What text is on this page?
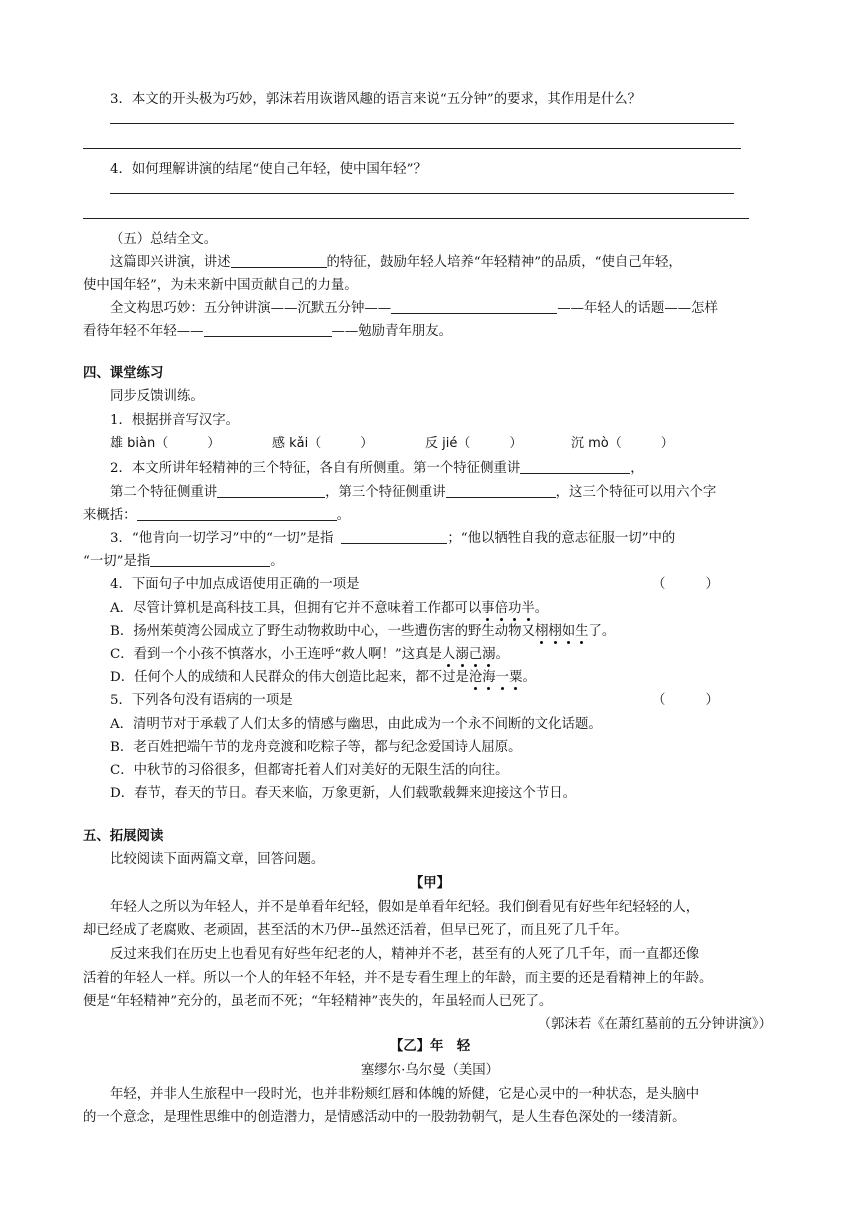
3．本文的开头极为巧妙，郭沫若用诙谐风趣的语言来说“五分钟”的要求，其作用是什么？
4．如何理解讲演的结尾“使自己年轻，使中国年轻”？
（五）总结全文。
这篇即兴讲演，讲述	的特征，鼓励年轻人培养“年轻精神”的品质，“使自己年轻，
使中国年轻”，为未来新中国贡献自己的力量。
全文构思巧妙：五分钟讲演——沉默五分钟——	——年轻人的话题——怎样
看待年轻不年轻——	——勉励青年朋友。
四、课堂练习
同步反馈训练。
1．根据拼音写汉字。
雄 biàn（　　　）	感 kǎi（　　　）	反 jié（　　　）	沉 mò（　　　）
2．本文所讲年轻精神的三个特征，各自有所侧重。第一个特征侧重讲	，
第二个特征侧重讲	，第三个特征侧重讲	，这三个特征可以用六个字
来概括：	。
3．“他肯向一切学习”中的“一切”是指	；“他以牺牲自我的意志征服一切”中的
“一切”是指	。
4．下面句子中加点成语使用正确的一项是	（　　　）
A．尽管计算机是高科技工具，但拥有它并不意味着工作都可以事倍功半。
B．扬州茱萸湾公园成立了野生动物救助中心，一些遭伤害的野生动物又栩栩如生了。
C．看到一个小孩不慎落水，小王连呼“救人啊！”这真是人溺己溺。
D．任何个人的成绩和人民群众的伟大创造比起来，都不过是沧海一粟。
5．下列各句没有语病的一项是	（　　　）
A．清明节对于承载了人们太多的情感与幽思，由此成为一个永不间断的文化话题。
B．老百姓把端午节的龙舟竞渡和吃粽子等，都与纪念爱国诗人屈原。
C．中秋节的习俗很多，但都寄托着人们对美好的无限生活的向往。
D．春节，春天的节日。春天来临，万象更新，人们载歌载舞来迎接这个节日。
五、拓展阅读
比较阅读下面两篇文章，回答问题。
【甲】
年轻人之所以为年轻人，并不是单看年纪轻，假如是单看年纪轻。我们倒看见有好些年纪轻轻的人，
却已经成了老腐败、老顽固，甚至活的木乃伊--虽然还活着，但早已死了，而且死了几千年。
反过来我们在历史上也看见有好些年纪老的人，精神并不老，甚至有的人死了几千年，而一直都还像
活着的年轻人一样。所以一个人的年轻不年轻，并不是专看生理上的年龄，而主要的还是看精神上的年龄。
便是“年轻精神”充分的，虽老而不死；“年轻精神”丧失的，年虽轻而人已死了。
（郭沫若《在萧红墓前的五分钟讲演》）
【乙】年　轻
塞缪尔·乌尔曼（美国）
年轻，并非人生旅程中一段时光，也并非粉颊红唇和体魄的矫健，它是心灵中的一种状态，是头脑中
的一个意念，是理性思维中的创造潜力，是情感活动中的一股勃勃朝气，是人生春色深处的一缕清新。
